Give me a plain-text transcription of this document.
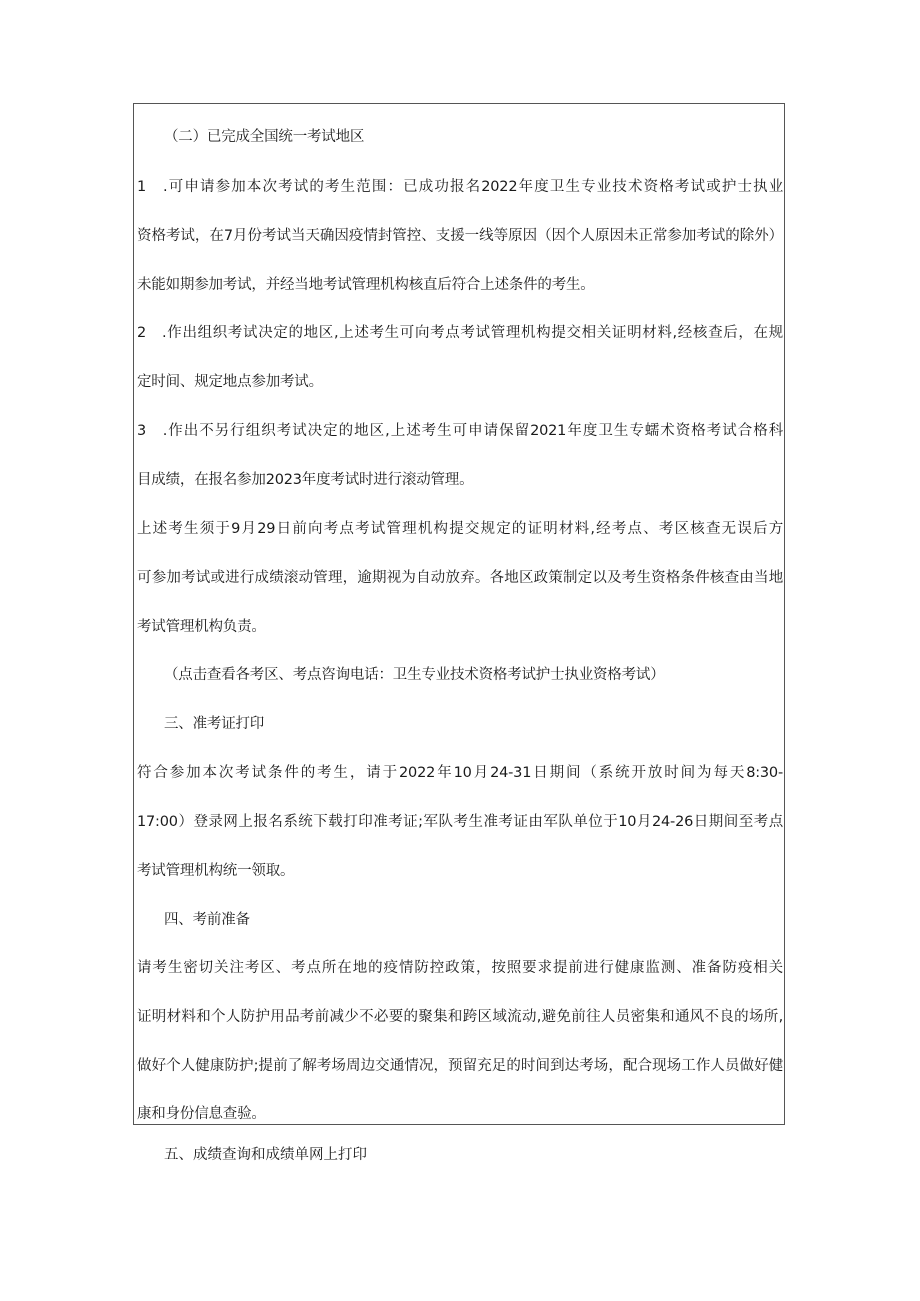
（二）已完成全国统一考试地区
1　.可申请参加本次考试的考生范围：已成功报名2022年度卫生专业技术资格考试或护士执业
资格考试，在7月份考试当天确因疫情封管控、支援一线等原因（因个人原因未正常参加考试的除外）
未能如期参加考试，并经当地考试管理机构核直后符合上述条件的考生。
2　.作出组织考试决定的地区,上述考生可向考点考试管理机构提交相关证明材料,经核查后，在规
定时间、规定地点参加考试。
3　.作出不另行组织考试决定的地区,上述考生可申请保留2021年度卫生专蠕术资格考试合格科
目成绩，在报名参加2023年度考试时进行滚动管理。
上述考生须于9月29日前向考点考试管理机构提交规定的证明材料,经考点、考区核查无误后方
可参加考试或进行成绩滚动管理，逾期视为自动放弃。各地区政策制定以及考生资格条件核查由当地
考试管理机构负责。
（点击查看各考区、考点咨询电话：卫生专业技术资格考试护士执业资格考试）
三、准考证打印
符合参加本次考试条件的考生，请于2022年10月24-31日期间（系统开放时间为每天8:30-
17:00）登录网上报名系统下载打印准考证;军队考生准考证由军队单位于10月24-26日期间至考点
考试管理机构统一领取。
四、考前准备
请考生密切关注考区、考点所在地的疫情防控政策，按照要求提前进行健康监测、准备防疫相关
证明材料和个人防护用品考前减少不必要的聚集和跨区域流动,避免前往人员密集和通风不良的场所,
做好个人健康防护;提前了解考场周边交通情况，预留充足的时间到达考场，配合现场工作人员做好健
康和身份信息查验。
五、成绩查询和成绩单网上打印
